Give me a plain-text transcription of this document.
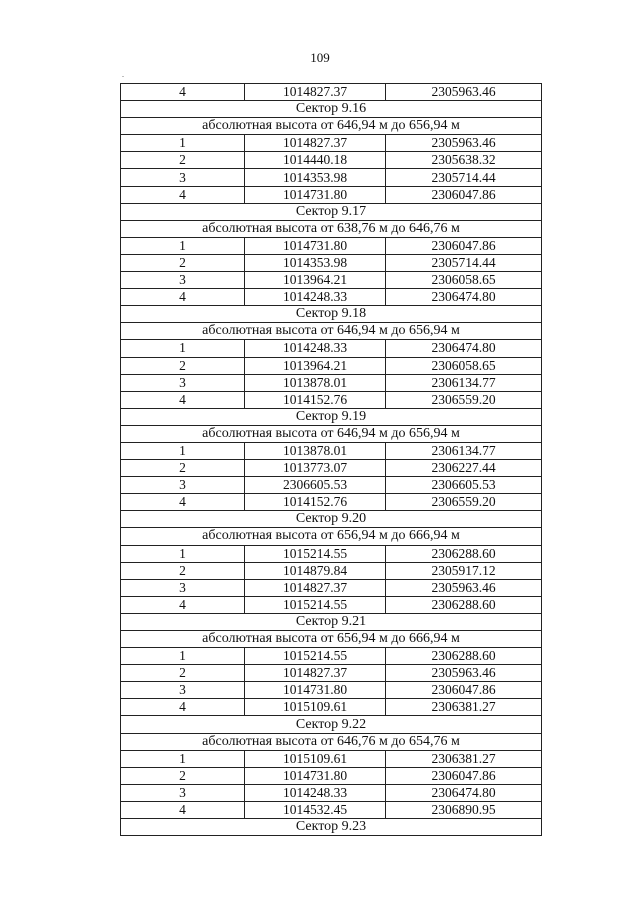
109
.
4	1014827.37	2305963.46
Сектор 9.16		
абсолютная высота от 646,94 м до 656,94 м		
1	1014827.37	2305963.46
2	1014440.18	2305638.32
3	1014353.98	2305714.44
4	1014731.80	2306047.86
Сектор 9.17		
абсолютная высота от 638,76 м до 646,76 м		
1	1014731.80	2306047.86
2	1014353.98	2305714.44
3	1013964.21	2306058.65
4	1014248.33	2306474.80
Сектор 9.18		
абсолютная высота от 646,94 м до 656,94 м		
1	1014248.33	2306474.80
2	1013964.21	2306058.65
3	1013878.01	2306134.77
4	1014152.76	2306559.20
Сектор 9.19		
абсолютная высота от 646,94 м до 656,94 м		
1	1013878.01	2306134.77
2	1013773.07	2306227.44
3	2306605.53	2306605.53
4	1014152.76	2306559.20
Сектор 9.20		
абсолютная высота от 656,94 м до 666,94 м		
1	1015214.55	2306288.60
2	1014879.84	2305917.12
3	1014827.37	2305963.46
4	1015214.55	2306288.60
Сектор 9.21		
абсолютная высота от 656,94 м до 666,94 м		
1	1015214.55	2306288.60
2	1014827.37	2305963.46
3	1014731.80	2306047.86
4	1015109.61	2306381.27
Сектор 9.22		
абсолютная высота от 646,76 м до 654,76 м		
1	1015109.61	2306381.27
2	1014731.80	2306047.86
3	1014248.33	2306474.80
4	1014532.45	2306890.95
Сектор 9.23		
